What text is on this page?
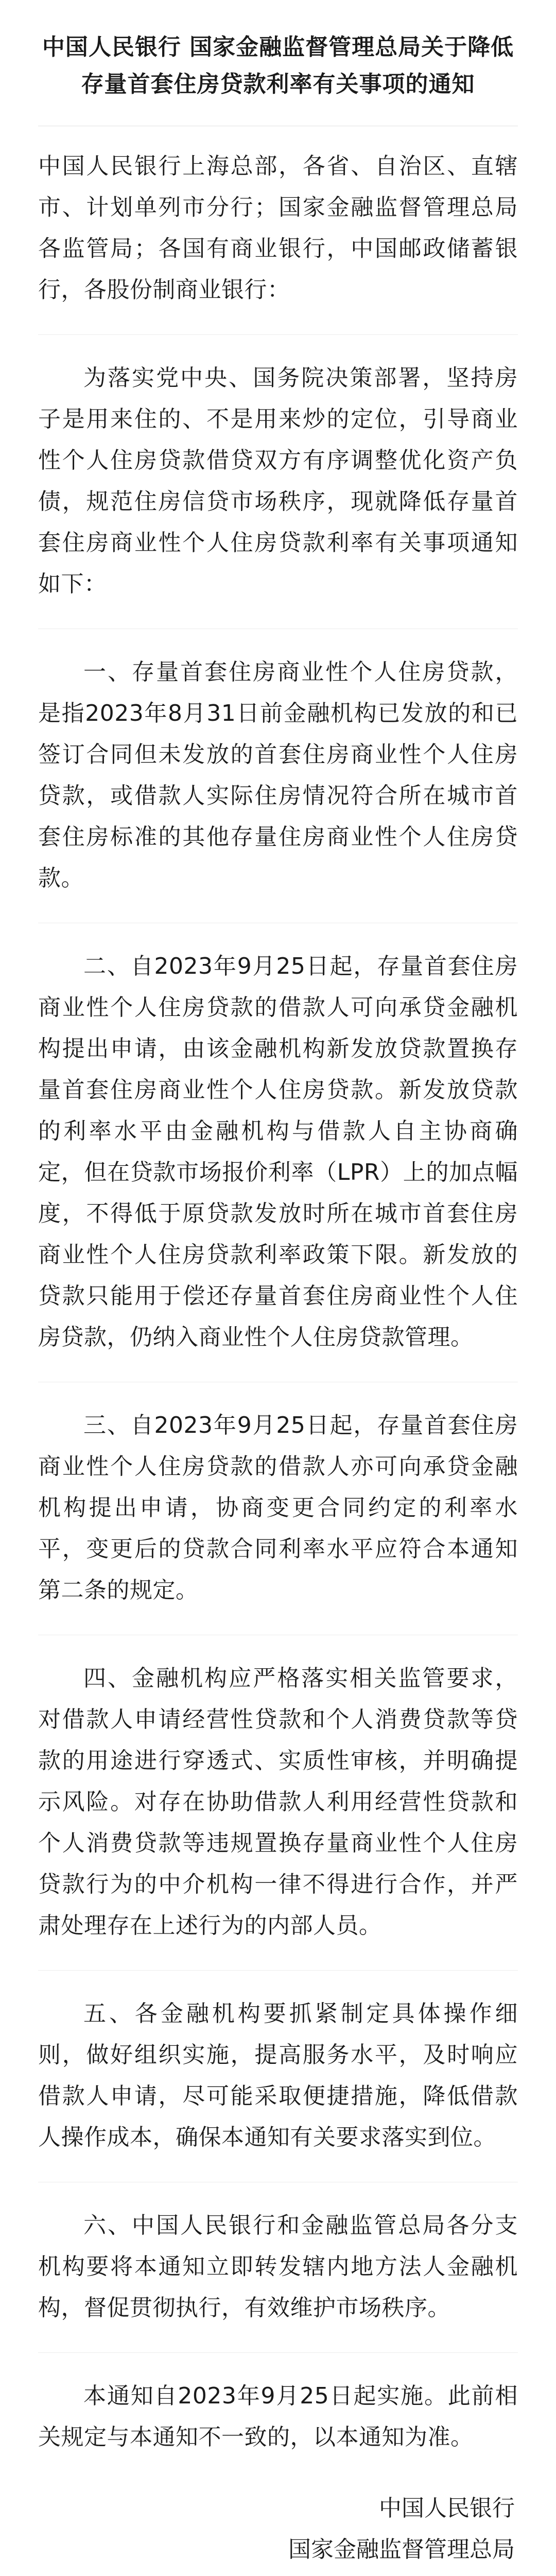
中国人民银行 国家金融监督管理总局关于降低存量首套住房贷款利率有关事项的通知

中国人民银行上海总部，各省、自治区、直辖市、计划单列市分行；国家金融监督管理总局各监管局；各国有商业银行，中国邮政储蓄银行，各股份制商业银行：

为落实党中央、国务院决策部署，坚持房子是用来住的、不是用来炒的定位，引导商业性个人住房贷款借贷双方有序调整优化资产负债，规范住房信贷市场秩序，现就降低存量首套住房商业性个人住房贷款利率有关事项通知如下：

一、存量首套住房商业性个人住房贷款，是指2023年8月31日前金融机构已发放的和已签订合同但未发放的首套住房商业性个人住房贷款，或借款人实际住房情况符合所在城市首套住房标准的其他存量住房商业性个人住房贷款。

二、自2023年9月25日起，存量首套住房商业性个人住房贷款的借款人可向承贷金融机构提出申请，由该金融机构新发放贷款置换存量首套住房商业性个人住房贷款。新发放贷款的利率水平由金融机构与借款人自主协商确定，但在贷款市场报价利率（LPR）上的加点幅度，不得低于原贷款发放时所在城市首套住房商业性个人住房贷款利率政策下限。新发放的贷款只能用于偿还存量首套住房商业性个人住房贷款，仍纳入商业性个人住房贷款管理。

三、自2023年9月25日起，存量首套住房商业性个人住房贷款的借款人亦可向承贷金融机构提出申请，协商变更合同约定的利率水平，变更后的贷款合同利率水平应符合本通知第二条的规定。

四、金融机构应严格落实相关监管要求，对借款人申请经营性贷款和个人消费贷款等贷款的用途进行穿透式、实质性审核，并明确提示风险。对存在协助借款人利用经营性贷款和个人消费贷款等违规置换存量商业性个人住房贷款行为的中介机构一律不得进行合作，并严肃处理存在上述行为的内部人员。

五、各金融机构要抓紧制定具体操作细则，做好组织实施，提高服务水平，及时响应借款人申请，尽可能采取便捷措施，降低借款人操作成本，确保本通知有关要求落实到位。

六、中国人民银行和金融监管总局各分支机构要将本通知立即转发辖内地方法人金融机构，督促贯彻执行，有效维护市场秩序。

本通知自2023年9月25日起实施。此前相关规定与本通知不一致的，以本通知为准。

中国人民银行
国家金融监督管理总局
